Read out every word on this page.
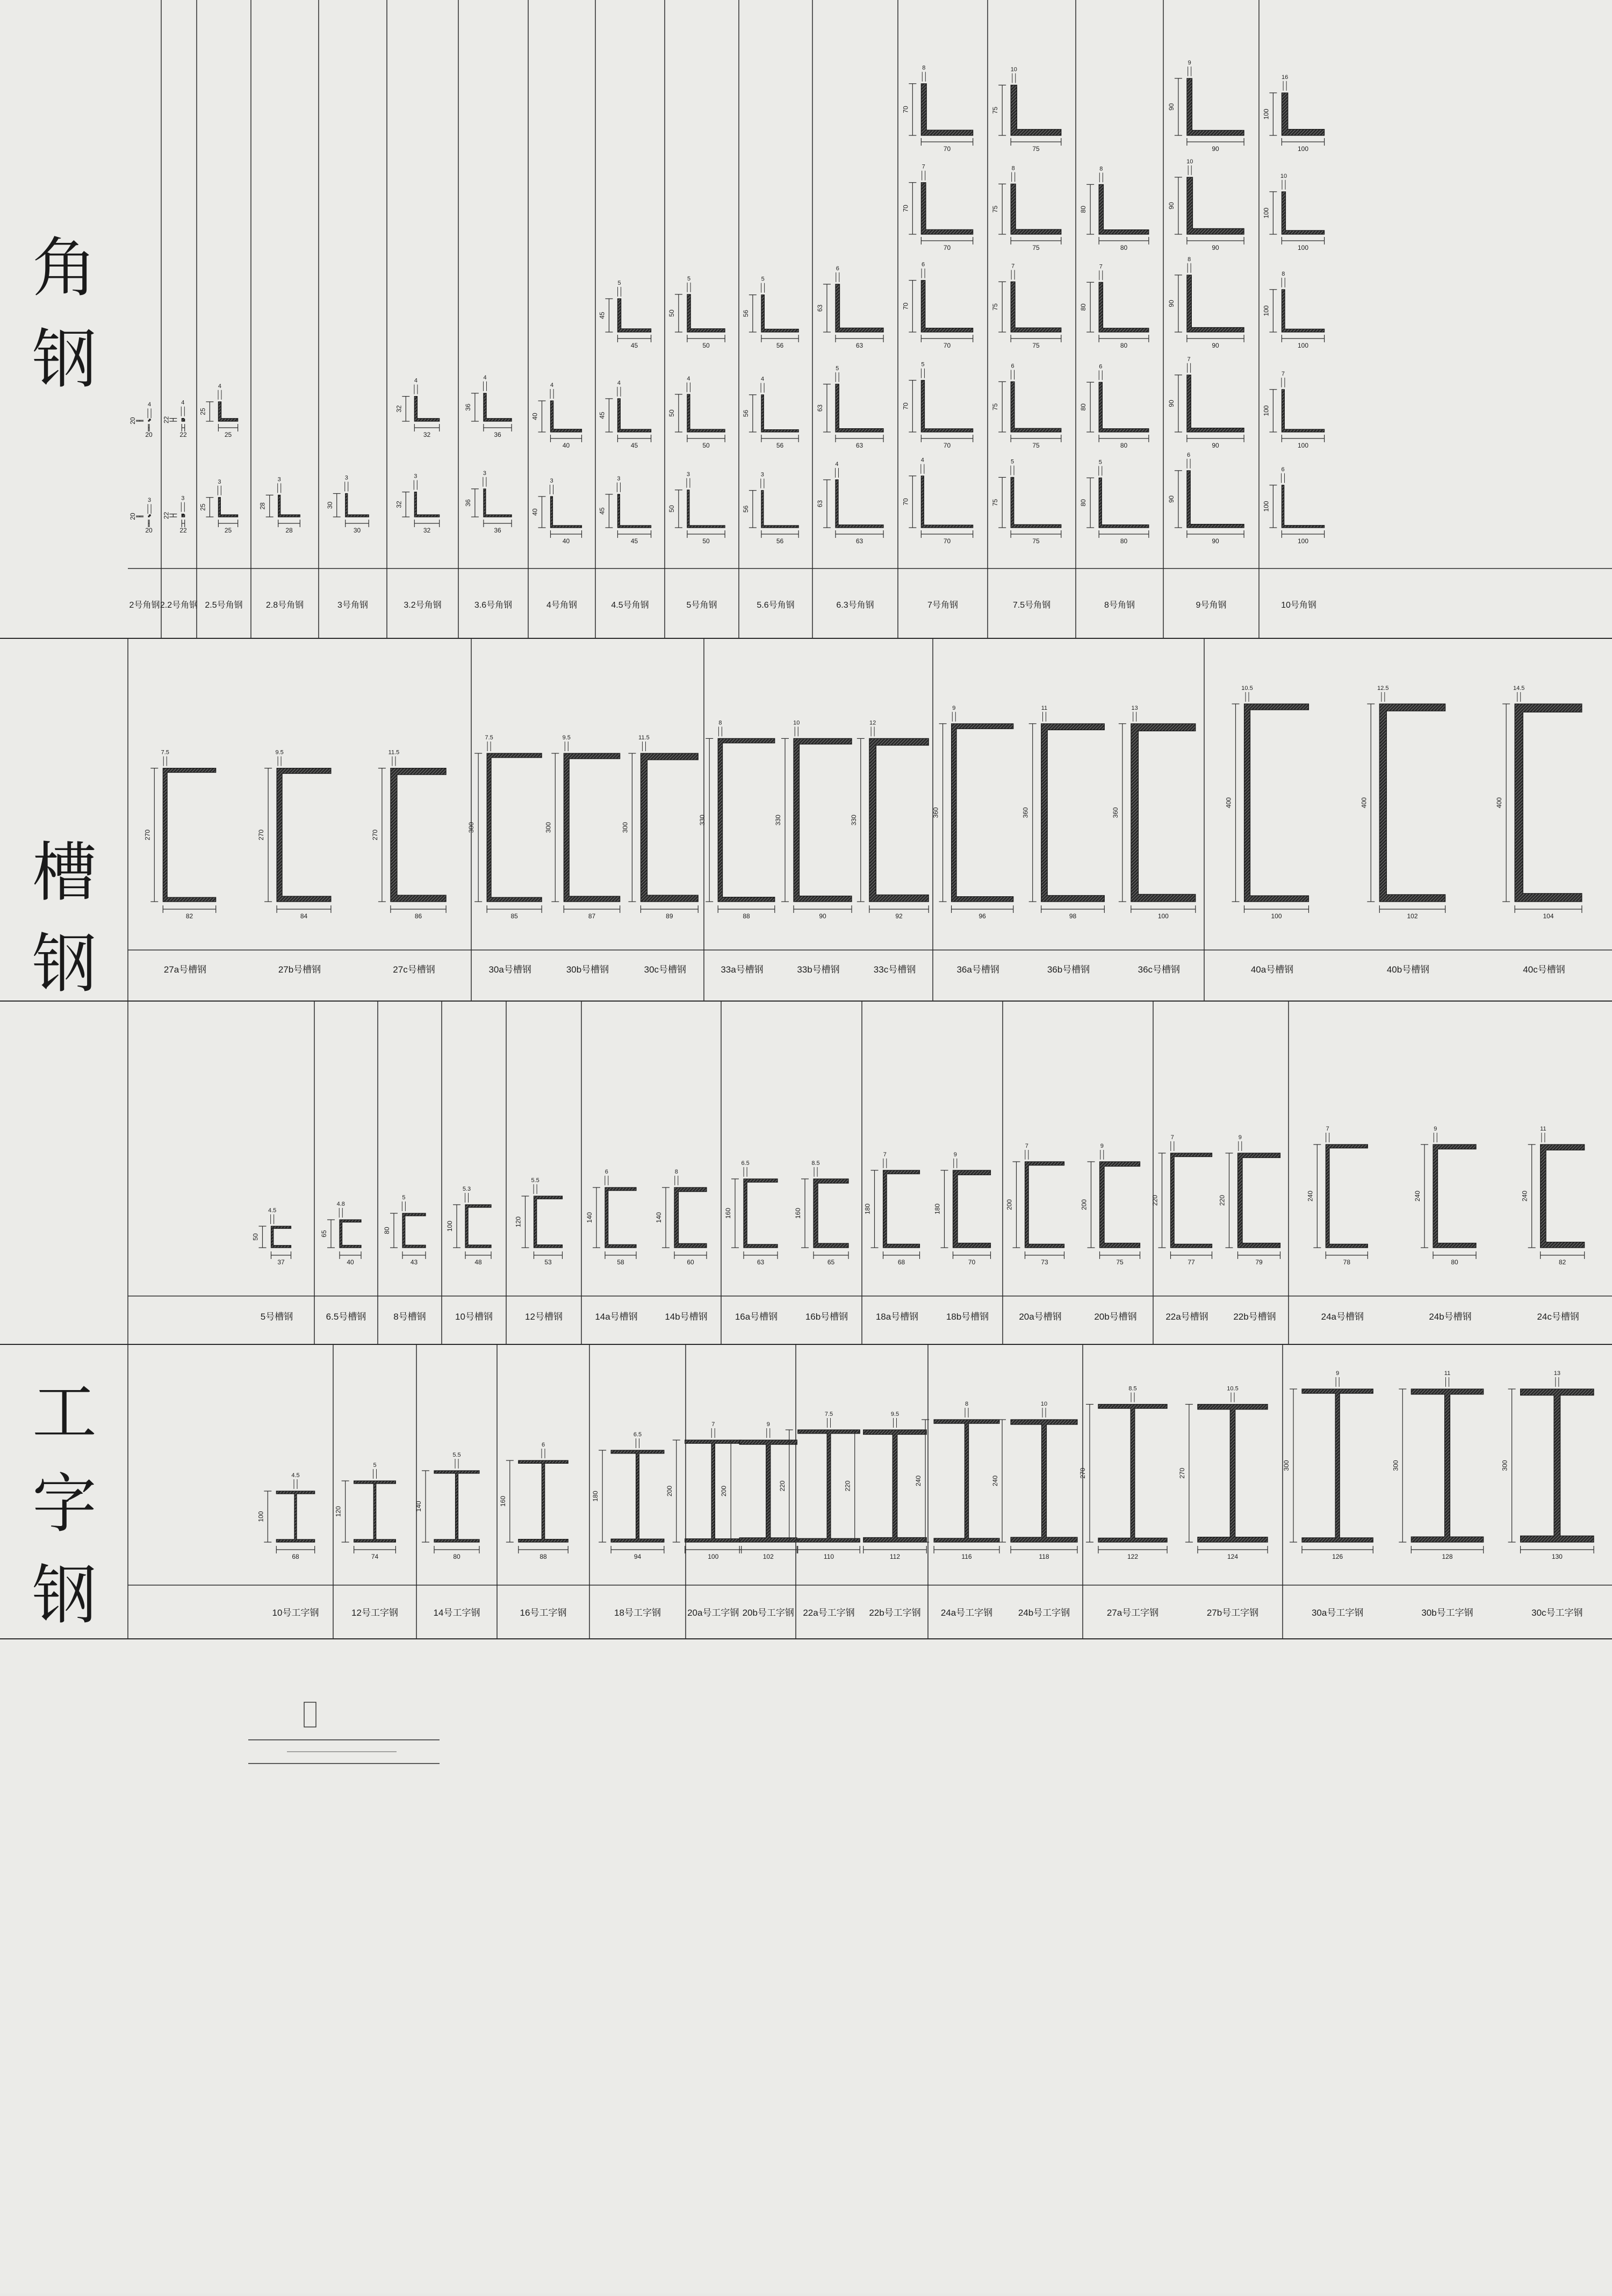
角
钢
槽
钢
工
字
钢
20
20
3
20
20
4
22
22
3
22
22
4
25
25
3
25
25
4
28
28
3
30
30
3
32
32
3
32
32
4
36
36
3
36
36
4
40
40
3
40
40
4
45
45
3
45
45
4
45
45
5
50
50
3
50
50
4
50
50
5
56
56
3
56
56
4
56
56
5
63
63
4
63
63
5
63
63
6
70
70
4
70
70
5
70
70
6
70
70
7
70
70
8
75
75
5
75
75
6
75
75
7
75
75
8
75
75
10
80
80
5
80
80
6
80
80
7
80
80
8
90
90
6
90
90
7
90
90
8
90
90
10
90
90
9
100
100
6
100
100
7
100
100
8
100
100
10
100
100
16
82
270
7.5
84
270
9.5
86
270
11.5
85
300
7.5
87
300
9.5
89
300
11.5
88
330
8
90
330
10
92
330
12
96
360
9
98
360
11
100
360
13
100
400
10.5
102
400
12.5
104
400
14.5
37
50
4.5
40
65
4.8
43
80
5
48
100
5.3
53
120
5.5
58
140
6
60
140
8
63
160
6.5
65
160
8.5
68
180
7
70
180
9
73
200
7
75
200
9
77
220
7
79
220
9
78
240
7
80
240
9
82
240
11
68
100
4.5
74
120
5
80
140
5.5
88
160
6
94
180
6.5
100
200
7
102
200
9
110
220
7.5
112
220
9.5
116
240
8
118
240
10
122
270
8.5
124
270
10.5
126
300
9
128
300
11
130
300
13
2号角钢 2.2号角钢 2.5号角钢	2.8号角钢	3号角钢	3.2号角钢	3.6号角钢	4号角钢	4.5号角钢	5号角钢	5.6号角钢	6.3号角钢	7号角钢	7.5号角钢	8号角钢	9号角钢	10号角钢
27a号槽钢	27b号槽钢	27c号槽钢	30a号槽钢	30b号槽钢	30c号槽钢	33a号槽钢	33b号槽钢	33c号槽钢	36a号槽钢	36b号槽钢	36c号槽钢	40a号槽钢	40b号槽钢	40c号槽钢
5号槽钢	6.5号槽钢	8号槽钢	10号槽钢	12号槽钢	14a号槽钢	14b号槽钢	16a号槽钢	16b号槽钢	18a号槽钢	18b号槽钢	20a号槽钢	20b号槽钢	22a号槽钢	22b号槽钢	24a号槽钢	24b号槽钢	24c号槽钢
10号工字钢	12号工字钢	14号工字钢	16号工字钢	18号工字钢	20a号工字钢 20b号工字钢 22a号工字钢 22b号工字钢 24a号工字钢	24b号工字钢	27a号工字钢	27b号工字钢	30a号工字钢	30b号工字钢	30c号工字钢
